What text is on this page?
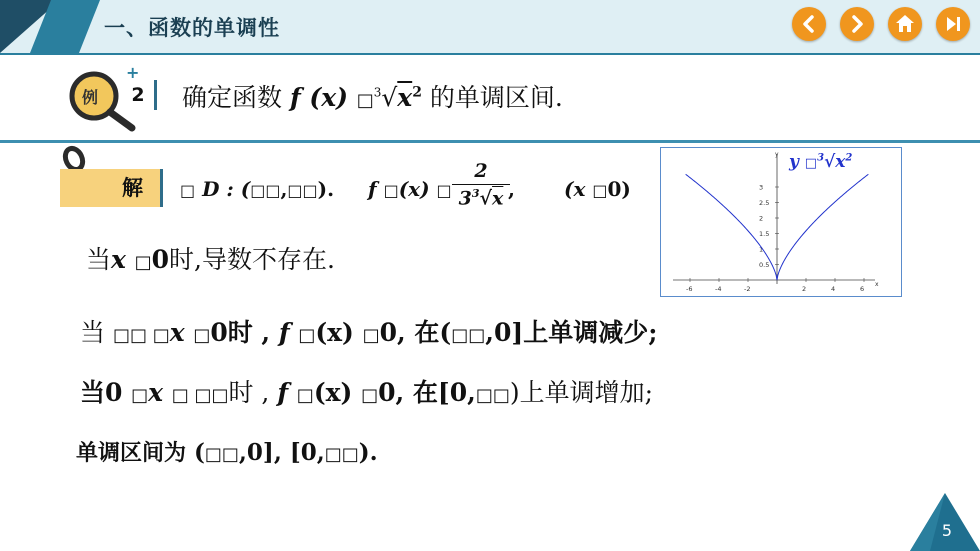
一、函数的单调性
+
例	2	确定函数 f (x) $□^3√x^2$ 的单调区间.
解 □ D : (□□,□□). f □(x) □ $\frac{2}{3^3√x}$
, (x □0)
当x □0时,导数不存在.
当 □□ □x □0时 , f □(x) □0, 在(□□,0]上单调减少;
当0 □x □ □□时 , f □(x) □0, 在[0,□□)上单调增加;
单调区间为 (□□,0], [0,□□).
y
x
0.5
1
1.5
2
2.5
3
-6	-4	-2	2	4	6
y $□^3√x^2$
5
